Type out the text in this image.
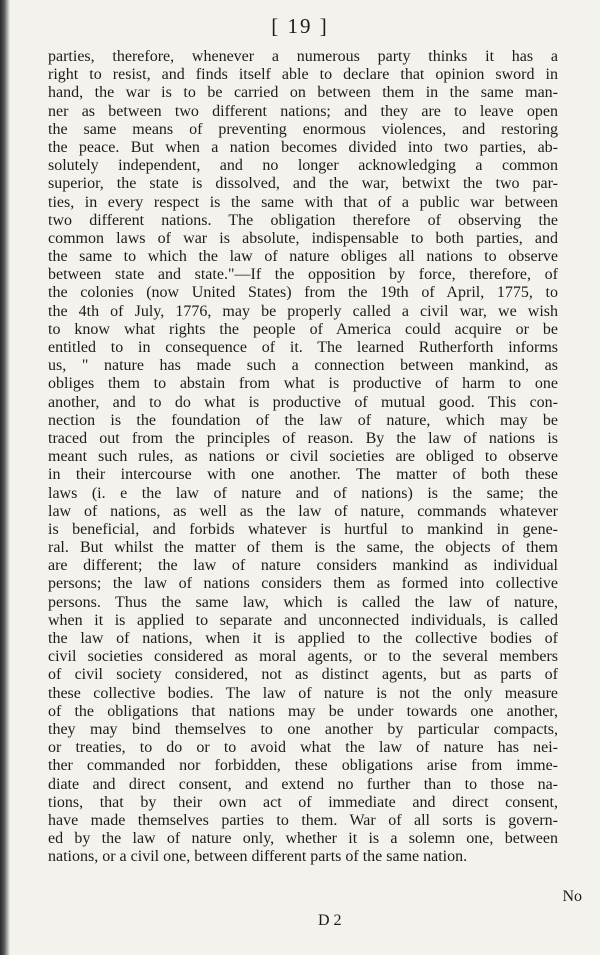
[ 19 ]
parties, therefore, whenever a numerous party thinks it has a
right to resist, and finds itself able to declare that opinion sword in
hand, the war is to be carried on between them in the same man-
ner as between two different nations; and they are to leave open
the same means of preventing enormous violences, and restoring
the peace. But when a nation becomes divided into two parties, ab-
solutely independent, and no longer acknowledging a common
superior, the state is dissolved, and the war, betwixt the two par-
ties, in every respect is the same with that of a public war between
two different nations. The obligation therefore of observing the
common laws of war is absolute, indispensable to both parties, and
the same to which the law of nature obliges all nations to observe
between state and state."—If the opposition by force, therefore, of
the colonies (now United States) from the 19th of April, 1775, to
the 4th of July, 1776, may be properly called a civil war, we wish
to know what rights the people of America could acquire or be
entitled to in consequence of it. The learned Rutherforth informs
us, " nature has made such a connection between mankind, as
obliges them to abstain from what is productive of harm to one
another, and to do what is productive of mutual good. This con-
nection is the foundation of the law of nature, which may be
traced out from the principles of reason. By the law of nations is
meant such rules, as nations or civil societies are obliged to observe
in their intercourse with one another. The matter of both these
laws (i. e the law of nature and of nations) is the same; the
law of nations, as well as the law of nature, commands whatever
is beneficial, and forbids whatever is hurtful to mankind in gene-
ral. But whilst the matter of them is the same, the objects of them
are different; the law of nature considers mankind as individual
persons; the law of nations considers them as formed into collective
persons. Thus the same law, which is called the law of nature,
when it is applied to separate and unconnected individuals, is called
the law of nations, when it is applied to the collective bodies of
civil societies considered as moral agents, or to the several members
of civil society considered, not as distinct agents, but as parts of
these collective bodies. The law of nature is not the only measure
of the obligations that nations may be under towards one another,
they may bind themselves to one another by particular compacts,
or treaties, to do or to avoid what the law of nature has nei-
ther commanded nor forbidden, these obligations arise from imme-
diate and direct consent, and extend no further than to those na-
tions, that by their own act of immediate and direct consent,
have made themselves parties to them. War of all sorts is govern-
ed by the law of nature only, whether it is a solemn one, between
nations, or a civil one, between different parts of the same nation.
D 2
No
